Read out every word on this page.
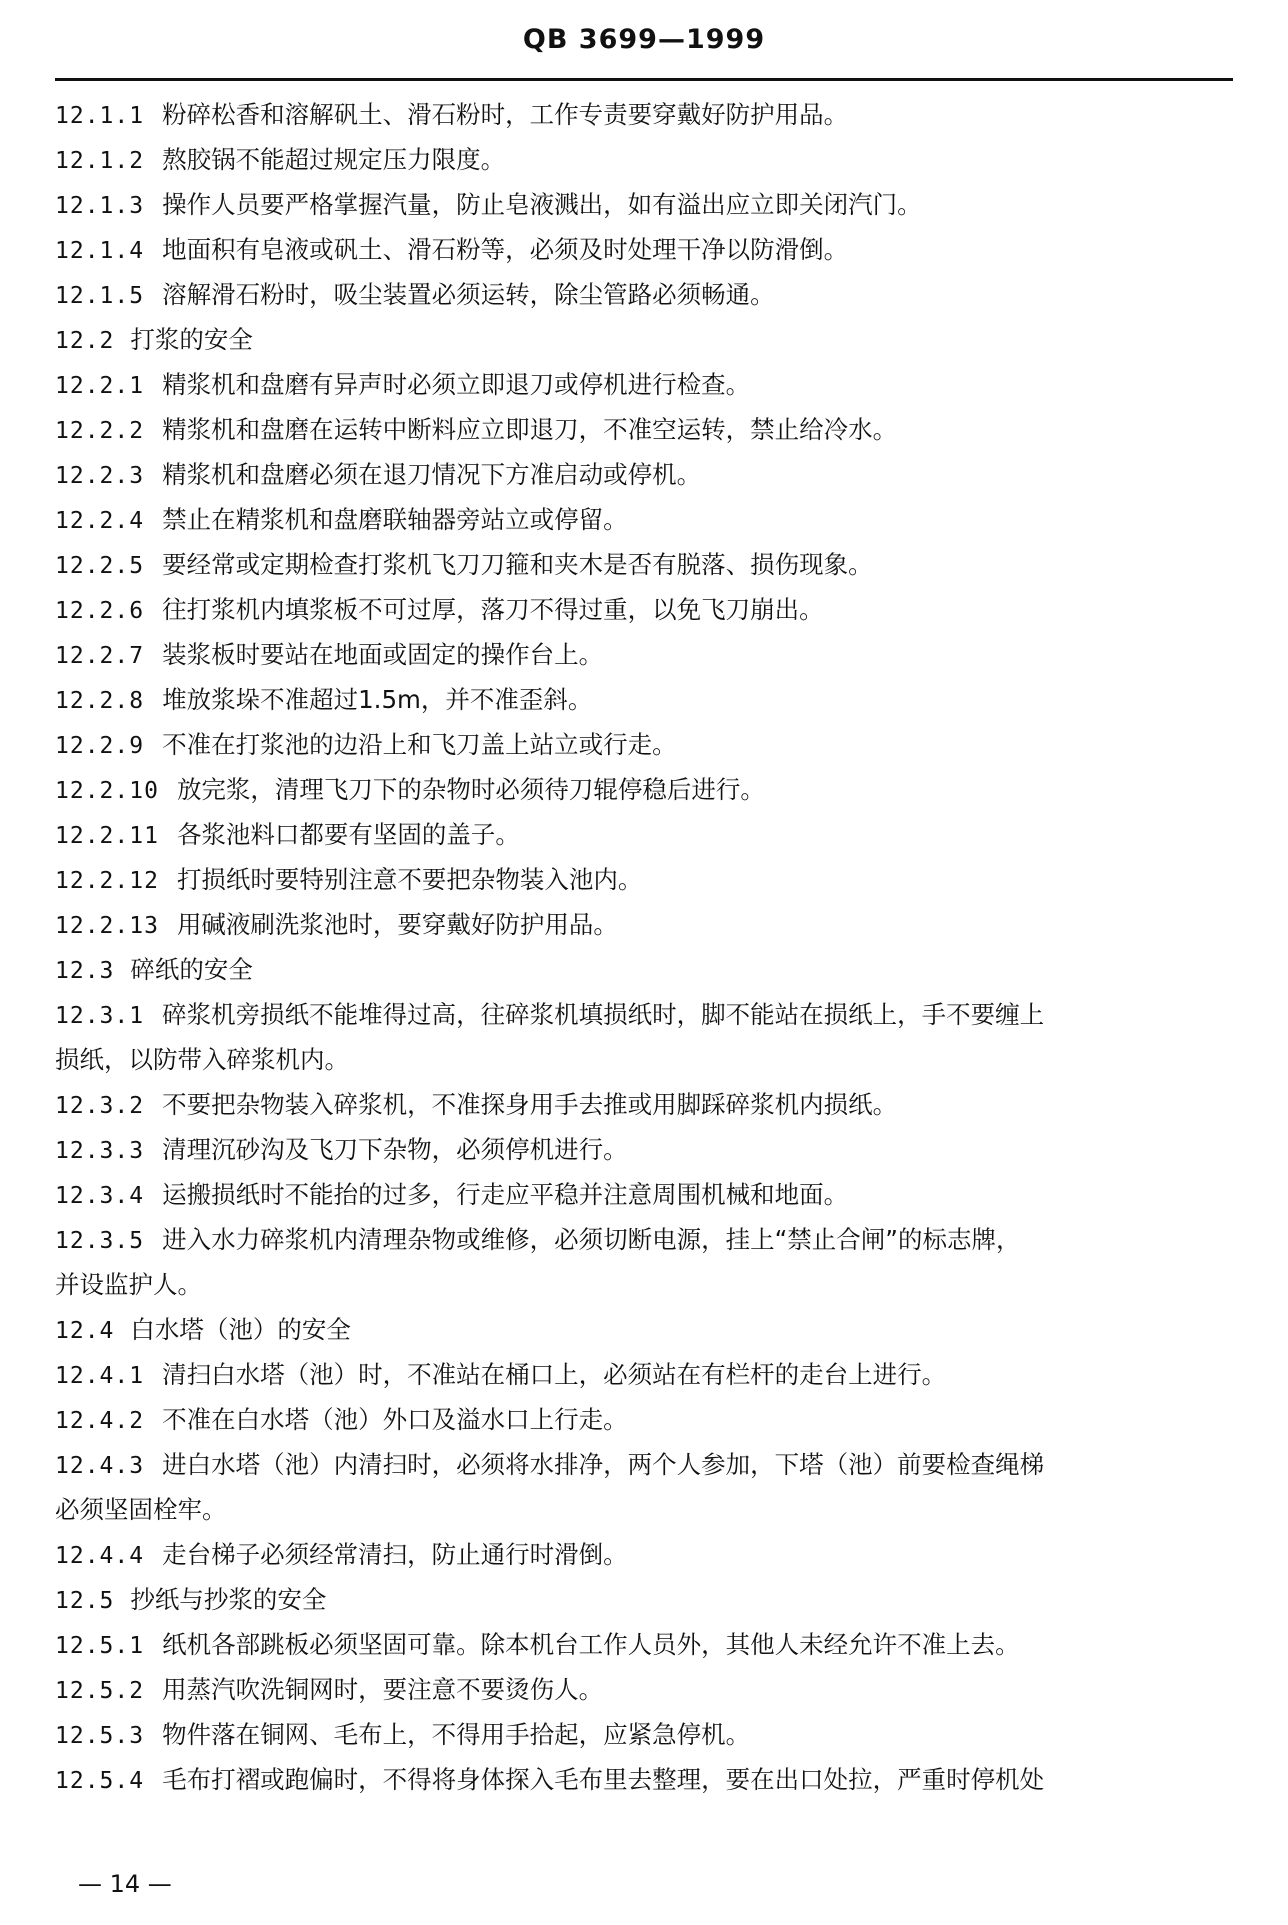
QB 3699—1999
12.1.1 粉碎松香和溶解矾土、滑石粉时，工作专责要穿戴好防护用品。
12.1.2 熬胶锅不能超过规定压力限度。
12.1.3 操作人员要严格掌握汽量，防止皂液溅出，如有溢出应立即关闭汽门。
12.1.4 地面积有皂液或矾土、滑石粉等，必须及时处理干净以防滑倒。
12.1.5 溶解滑石粉时，吸尘装置必须运转，除尘管路必须畅通。
12.2 打浆的安全
12.2.1 精浆机和盘磨有异声时必须立即退刀或停机进行检查。
12.2.2 精浆机和盘磨在运转中断料应立即退刀，不准空运转，禁止给冷水。
12.2.3 精浆机和盘磨必须在退刀情况下方准启动或停机。
12.2.4 禁止在精浆机和盘磨联轴器旁站立或停留。
12.2.5 要经常或定期检查打浆机飞刀刀箍和夹木是否有脱落、损伤现象。
12.2.6 往打浆机内填浆板不可过厚，落刀不得过重，以免飞刀崩出。
12.2.7 装浆板时要站在地面或固定的操作台上。
12.2.8 堆放浆垛不准超过1.5m，并不准歪斜。
12.2.9 不准在打浆池的边沿上和飞刀盖上站立或行走。
12.2.10 放完浆，清理飞刀下的杂物时必须待刀辊停稳后进行。
12.2.11 各浆池料口都要有坚固的盖子。
12.2.12 打损纸时要特别注意不要把杂物装入池内。
12.2.13 用碱液刷洗浆池时，要穿戴好防护用品。
12.3 碎纸的安全
12.3.1 碎浆机旁损纸不能堆得过高，往碎浆机填损纸时，脚不能站在损纸上，手不要缠上
损纸，以防带入碎浆机内。
12.3.2 不要把杂物装入碎浆机，不准探身用手去推或用脚踩碎浆机内损纸。
12.3.3 清理沉砂沟及飞刀下杂物，必须停机进行。
12.3.4 运搬损纸时不能抬的过多，行走应平稳并注意周围机械和地面。
12.3.5 进入水力碎浆机内清理杂物或维修，必须切断电源，挂上“禁止合闸”的标志牌，
并设监护人。
12.4 白水塔（池）的安全
12.4.1 清扫白水塔（池）时，不准站在桶口上，必须站在有栏杆的走台上进行。
12.4.2 不准在白水塔（池）外口及溢水口上行走。
12.4.3 进白水塔（池）内清扫时，必须将水排净，两个人参加，下塔（池）前要检查绳梯
必须坚固栓牢。
12.4.4 走台梯子必须经常清扫，防止通行时滑倒。
12.5 抄纸与抄浆的安全
12.5.1 纸机各部跳板必须坚固可靠。除本机台工作人员外，其他人未经允许不准上去。
12.5.2 用蒸汽吹洗铜网时，要注意不要烫伤人。
12.5.3 物件落在铜网、毛布上，不得用手拾起，应紧急停机。
12.5.4 毛布打褶或跑偏时，不得将身体探入毛布里去整理，要在出口处拉，严重时停机处
— 14 —
